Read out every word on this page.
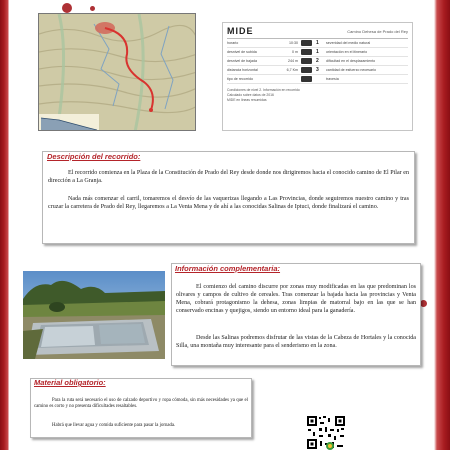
MIDE	Camino Dehesa de Prado del Rey
horario	10:30	1	severidad del medio natural
desnivel de subida	0 m	1	orientación en el itinerario
desnivel de bajada	244 m	2	dificultad en el desplazamiento
distancia horizontal	6,7 Km	3	cantidad de esfuerzo necesario
tipo de recorrido	travesía
Condiciones de nivel 2. Información en recorrido
Calculado sobre datos de 2016
MIDE en lineas resumidas
Descripción del recorrido:
El recorrido comienza en la Plaza de la Constitución de Prado del Rey desde donde nos dirigiremos hacia el conocido camino de El Pilar en dirección a La Granja.
Nada más comenzar el carril, tomaremos el desvío de las vaquerizas llegando a Las Provincias, donde seguiremos nuestro camino y tras cruzar la carretera de Prado del Rey, llegaremos a La Venta Mena y de ahí a las conocidas Salinas de Iptuci, donde finalizará el camino.
Información complementaria:
El comienzo del camino discurre por zonas muy modificadas en las que predominan los olivares y campos de cultivo de cereales. Tras comenzar la bajada hacia las provincias y Venta Mena, cobrará protagonismo la dehesa, zonas limpias de matorral bajo en las que se han conservado encinas y quejigos, siendo un entorno ideal para la ganadería.
Desde las Salinas podremos disfrutar de las vistas de la Cabeza de Hortales y la conocida Silla, una montaña muy interesante para el senderismo en la zona.
Material obligatorio:
Para la ruta será necesario el uso de calzado deportivo y ropa cómoda, sin más necesidades ya que el camino es corto y no presenta dificultades resaltables.
Habrá que llevar agua y comida suficiente para pasar la jornada.
